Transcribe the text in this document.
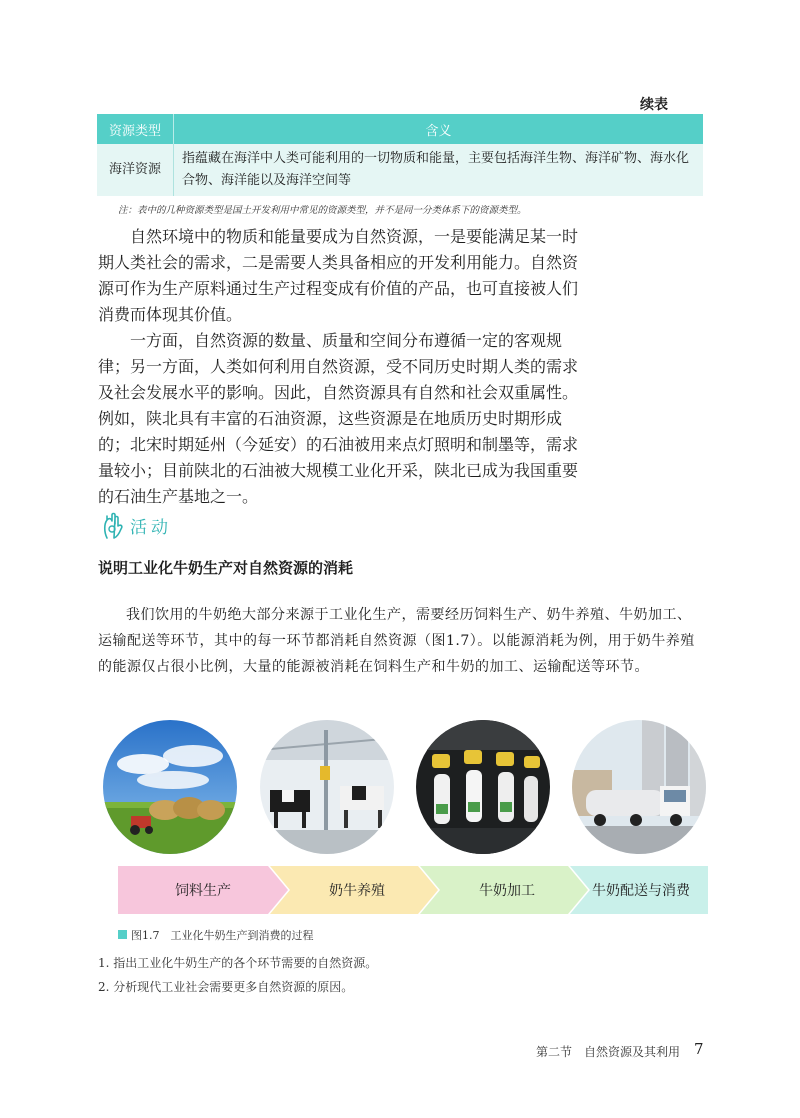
续表
资源类型	含义
海洋资源	指蕴藏在海洋中人类可能利用的一切物质和能量，主要包括海洋生物、海洋矿物、海水化合物、海洋能以及海洋空间等
注：表中的几种资源类型是国土开发利用中常见的资源类型，并不是同一分类体系下的资源类型。

自然环境中的物质和能量要成为自然资源，一是要能满足某一时期人类社会的需求，二是需要人类具备相应的开发利用能力。自然资源可作为生产原料通过生产过程变成有价值的产品，也可直接被人们消费而体现其价值。

一方面，自然资源的数量、质量和空间分布遵循一定的客观规律；另一方面，人类如何利用自然资源，受不同历史时期人类的需求及社会发展水平的影响。因此，自然资源具有自然和社会双重属性。例如，陕北具有丰富的石油资源，这些资源是在地质历史时期形成的；北宋时期延州（今延安）的石油被用来点灯照明和制墨等，需求量较小；目前陕北的石油被大规模工业化开采，陕北已成为我国重要的石油生产基地之一。

活动
说明工业化牛奶生产对自然资源的消耗

我们饮用的牛奶绝大部分来源于工业化生产，需要经历饲料生产、奶牛养殖、牛奶加工、运输配送等环节，其中的每一环节都消耗自然资源（图1.7）。以能源消耗为例，用于奶牛养殖的能源仅占很小比例，大量的能源被消耗在饲料生产和牛奶的加工、运输配送等环节。

饲料生产	奶牛养殖	牛奶加工	牛奶配送与消费
图1.7　工业化牛奶生产到消费的过程
1. 指出工业化牛奶生产的各个环节需要的自然资源。
2. 分析现代工业社会需要更多自然资源的原因。
第二节　自然资源及其利用 7
